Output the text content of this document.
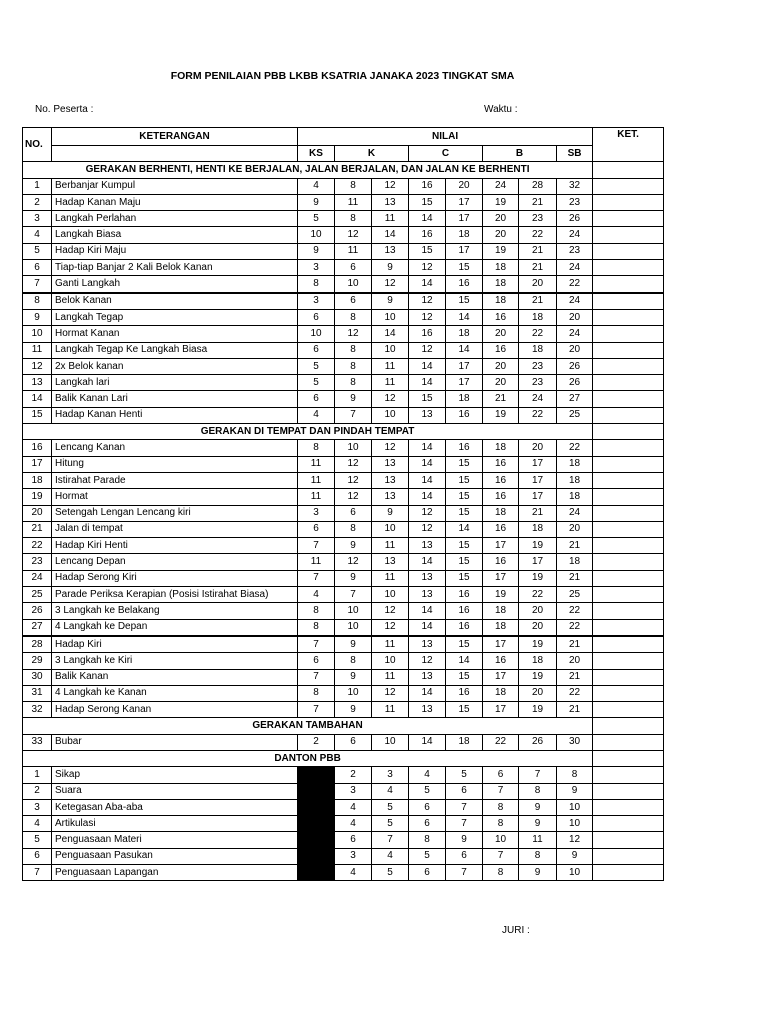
FORM PENILAIAN PBB LKBB KSATRIA JANAKA 2023 TINGKAT SMA
No. Peserta :	Waktu :
NO.	KETERANGAN	NILAI								KET.
		KS	K		C		B		SB	
GERAKAN BERHENTI, HENTI KE BERJALAN, JALAN BERJALAN, DAN JALAN KE BERHENTI										
1	Berbanjar Kumpul	4	8	12	16	20	24	28	32	
2	Hadap Kanan Maju	9	11	13	15	17	19	21	23	
3	Langkah Perlahan	5	8	11	14	17	20	23	26	
4	Langkah Biasa	10	12	14	16	18	20	22	24	
5	Hadap Kiri Maju	9	11	13	15	17	19	21	23	
6	Tiap-tiap Banjar 2 Kali Belok Kanan	3	6	9	12	15	18	21	24	
7	Ganti Langkah	8	10	12	14	16	18	20	22	
8	Belok Kanan	3	6	9	12	15	18	21	24	
9	Langkah Tegap	6	8	10	12	14	16	18	20	
10	Hormat Kanan	10	12	14	16	18	20	22	24	
11	Langkah Tegap Ke Langkah Biasa	6	8	10	12	14	16	18	20	
12	2x Belok kanan	5	8	11	14	17	20	23	26	
13	Langkah lari	5	8	11	14	17	20	23	26	
14	Balik Kanan Lari	6	9	12	15	18	21	24	27	
15	Hadap Kanan Henti	4	7	10	13	16	19	22	25	
GERAKAN DI TEMPAT DAN PINDAH TEMPAT										
16	Lencang Kanan	8	10	12	14	16	18	20	22	
17	Hitung	11	12	13	14	15	16	17	18	
18	Istirahat Parade	11	12	13	14	15	16	17	18	
19	Hormat	11	12	13	14	15	16	17	18	
20	Setengah Lengan Lencang kiri	3	6	9	12	15	18	21	24	
21	Jalan di tempat	6	8	10	12	14	16	18	20	
22	Hadap Kiri Henti	7	9	11	13	15	17	19	21	
23	Lencang Depan	11	12	13	14	15	16	17	18	
24	Hadap Serong Kiri	7	9	11	13	15	17	19	21	
25	Parade Periksa Kerapian (Posisi Istirahat Biasa)	4	7	10	13	16	19	22	25	
26	3 Langkah ke Belakang	8	10	12	14	16	18	20	22	
27	4 Langkah ke Depan	8	10	12	14	16	18	20	22	
28	Hadap Kiri	7	9	11	13	15	17	19	21	
29	3 Langkah ke Kiri	6	8	10	12	14	16	18	20	
30	Balik Kanan	7	9	11	13	15	17	19	21	
31	4 Langkah ke Kanan	8	10	12	14	16	18	20	22	
32	Hadap Serong Kanan	7	9	11	13	15	17	19	21	
GERAKAN TAMBAHAN										
33	Bubar	2	6	10	14	18	22	26	30	
DANTON PBB										
1	Sikap		2	3	4	5	6	7	8	
2	Suara		3	4	5	6	7	8	9	
3	Ketegasan Aba-aba		4	5	6	7	8	9	10	
4	Artikulasi		4	5	6	7	8	9	10	
5	Penguasaan Materi		6	7	8	9	10	11	12	
6	Penguasaan Pasukan		3	4	5	6	7	8	9	
7	Penguasaan Lapangan		4	5	6	7	8	9	10	
JURI :
